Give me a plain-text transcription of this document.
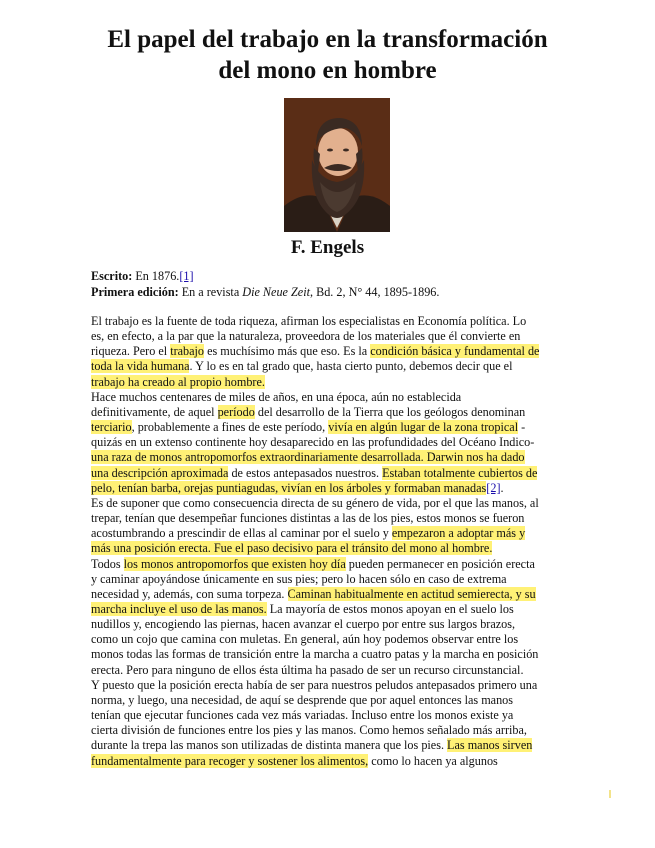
El papel del trabajo en la transformación
del mono en hombre
F. Engels
Escrito: En 1876.[1]
Primera edición: En a revista Die Neue Zeit, Bd. 2, N° 44, 1895-1896.
El trabajo es la fuente de toda riqueza, afirman los especialistas en Economía política. Lo
es, en efecto, a la par que la naturaleza, proveedora de los materiales que él convierte en
riqueza. Pero el trabajo es muchísimo más que eso. Es la condición básica y fundamental de
toda la vida humana. Y lo es en tal grado que, hasta cierto punto, debemos decir que el
trabajo ha creado al propio hombre.
Hace muchos centenares de miles de años, en una época, aún no establecida
definitivamente, de aquel período del desarrollo de la Tierra que los geólogos denominan
terciario, probablemente a fines de este período, vivía en algún lugar de la zona tropical -
quizás en un extenso continente hoy desaparecido en las profundidades del Océano Indico-
una raza de monos antropomorfos extraordinariamente desarrollada. Darwin nos ha dado
una descripción aproximada de estos antepasados nuestros. Estaban totalmente cubiertos de
pelo, tenían barba, orejas puntiagudas, vivían en los árboles y formaban manadas[2].
Es de suponer que como consecuencia directa de su género de vida, por el que las manos, al
trepar, tenían que desempeñar funciones distintas a las de los pies, estos monos se fueron
acostumbrando a prescindir de ellas al caminar por el suelo y empezaron a adoptar más y
más una posición erecta. Fue el paso decisivo para el tránsito del mono al hombre.
Todos los monos antropomorfos que existen hoy día pueden permanecer en posición erecta
y caminar apoyándose únicamente en sus pies; pero lo hacen sólo en caso de extrema
necesidad y, además, con suma torpeza. Caminan habitualmente en actitud semierecta, y su
marcha incluye el uso de las manos. La mayoría de estos monos apoyan en el suelo los
nudillos y, encogiendo las piernas, hacen avanzar el cuerpo por entre sus largos brazos,
como un cojo que camina con muletas. En general, aún hoy podemos observar entre los
monos todas las formas de transición entre la marcha a cuatro patas y la marcha en posición
erecta. Pero para ninguno de ellos ésta última ha pasado de ser un recurso circunstancial.
Y puesto que la posición erecta había de ser para nuestros peludos antepasados primero una
norma, y luego, una necesidad, de aquí se desprende que por aquel entonces las manos
tenían que ejecutar funciones cada vez más variadas. Incluso entre los monos existe ya
cierta división de funciones entre los pies y las manos. Como hemos señalado más arriba,
durante la trepa las manos son utilizadas de distinta manera que los pies. Las manos sirven
fundamentalmente para recoger y sostener los alimentos, como lo hacen ya algunos
